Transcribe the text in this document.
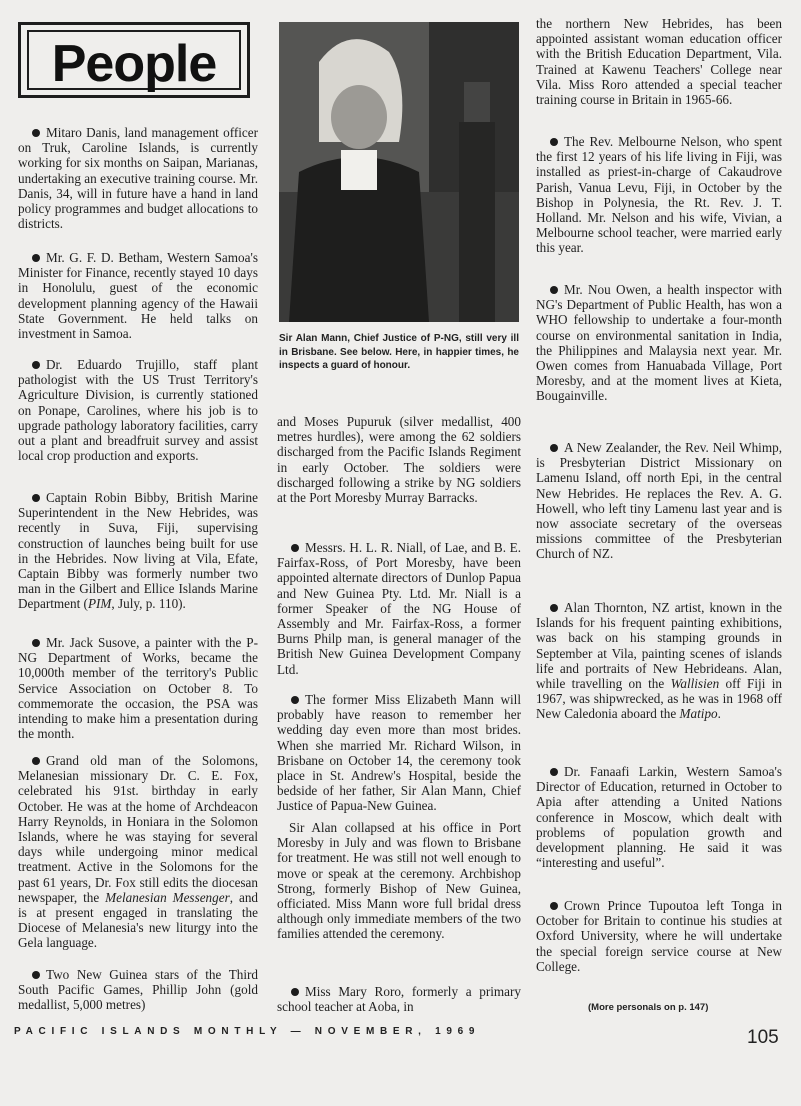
People

Mitaro Danis, land management officer on Truk, Caroline Islands, is currently working for six months on Saipan, Marianas, undertaking an executive training course. Mr. Danis, 34, will in future have a hand in land policy programmes and budget allocations to districts.

Mr. G. F. D. Betham, Western Samoa's Minister for Finance, recently stayed 10 days in Honolulu, guest of the economic development planning agency of the Hawaii State Government. He held talks on investment in Samoa.

Dr. Eduardo Trujillo, staff plant pathologist with the US Trust Territory's Agriculture Division, is currently stationed on Ponape, Carolines, where his job is to upgrade pathology laboratory facilities, carry out a plant and breadfruit survey and assist local crop production and exports.

Captain Robin Bibby, British Marine Superintendent in the New Hebrides, was recently in Suva, Fiji, supervising construction of launches being built for use in the Hebrides. Now living at Vila, Efate, Captain Bibby was formerly number two man in the Gilbert and Ellice Islands Marine Department (PIM, July, p. 110).

Mr. Jack Susove, a painter with the P-NG Department of Works, became the 10,000th member of the territory's Public Service Association on October 8. To commemorate the occasion, the PSA was intending to make him a presentation during the month.

Grand old man of the Solomons, Melanesian missionary Dr. C. E. Fox, celebrated his 91st. birthday in early October. He was at the home of Archdeacon Harry Reynolds, in Honiara in the Solomon Islands, where he was staying for several days while undergoing minor medical treatment. Active in the Solomons for the past 61 years, Dr. Fox still edits the diocesan newspaper, the Melanesian Messenger, and is at present engaged in translating the Diocese of Melanesia's new liturgy into the Gela language.

Two New Guinea stars of the Third South Pacific Games, Phillip John (gold medallist, 5,000 metres)

Sir Alan Mann, Chief Justice of P-NG, still very ill in Brisbane. See below. Here, in happier times, he inspects a guard of honour.

and Moses Pupuruk (silver medallist, 400 metres hurdles), were among the 62 soldiers discharged from the Pacific Islands Regiment in early October. The soldiers were discharged following a strike by NG soldiers at the Port Moresby Murray Barracks.

Messrs. H. L. R. Niall, of Lae, and B. E. Fairfax-Ross, of Port Moresby, have been appointed alternate directors of Dunlop Papua and New Guinea Pty. Ltd. Mr. Niall is a former Speaker of the NG House of Assembly and Mr. Fairfax-Ross, a former Burns Philp man, is general manager of the British New Guinea Development Company Ltd.

The former Miss Elizabeth Mann will probably have reason to remember her wedding day even more than most brides. When she married Mr. Richard Wilson, in Brisbane on October 14, the ceremony took place in St. Andrew's Hospital, beside the bedside of her father, Sir Alan Mann, Chief Justice of Papua-New Guinea.

Sir Alan collapsed at his office in Port Moresby in July and was flown to Brisbane for treatment. He was still not well enough to move or speak at the ceremony. Archbishop Strong, formerly Bishop of New Guinea, officiated. Miss Mann wore full bridal dress although only immediate members of the two families attended the ceremony.

Miss Mary Roro, formerly a primary school teacher at Aoba, in

the northern New Hebrides, has been appointed assistant woman education officer with the British Education Department, Vila. Trained at Kawenu Teachers' College near Vila. Miss Roro attended a special teacher training course in Britain in 1965-66.

The Rev. Melbourne Nelson, who spent the first 12 years of his life living in Fiji, was installed as priest-in-charge of Cakaudrove Parish, Vanua Levu, Fiji, in October by the Bishop in Polynesia, the Rt. Rev. J. T. Holland. Mr. Nelson and his wife, Vivian, a Melbourne school teacher, were married early this year.

Mr. Nou Owen, a health inspector with NG's Department of Public Health, has won a WHO fellowship to undertake a four-month course on environmental sanitation in India, the Philippines and Malaysia next year. Mr. Owen comes from Hanuabada Village, Port Moresby, and at the moment lives at Kieta, Bougainville.

A New Zealander, the Rev. Neil Whimp, is Presbyterian District Missionary on Lamenu Island, off north Epi, in the central New Hebrides. He replaces the Rev. A. G. Howell, who left tiny Lamenu last year and is now associate secretary of the overseas missions committee of the Presbyterian Church of NZ.

Alan Thornton, NZ artist, known in the Islands for his frequent painting exhibitions, was back on his stamping grounds in September at Vila, painting scenes of islands life and portraits of New Hebrideans. Alan, while travelling on the Wallisien off Fiji in 1967, was shipwrecked, as he was in 1968 off New Caledonia aboard the Matipo.

Dr. Fanaafi Larkin, Western Samoa's Director of Education, returned in October to Apia after attending a United Nations conference in Moscow, which dealt with problems of population growth and development planning. He said it was “interesting and useful”.

Crown Prince Tupoutoa left Tonga in October for Britain to continue his studies at Oxford University, where he will undertake the special foreign service course at New College.

(More personals on p. 147)
PACIFIC ISLANDS MONTHLY — NOVEMBER, 1969	105
